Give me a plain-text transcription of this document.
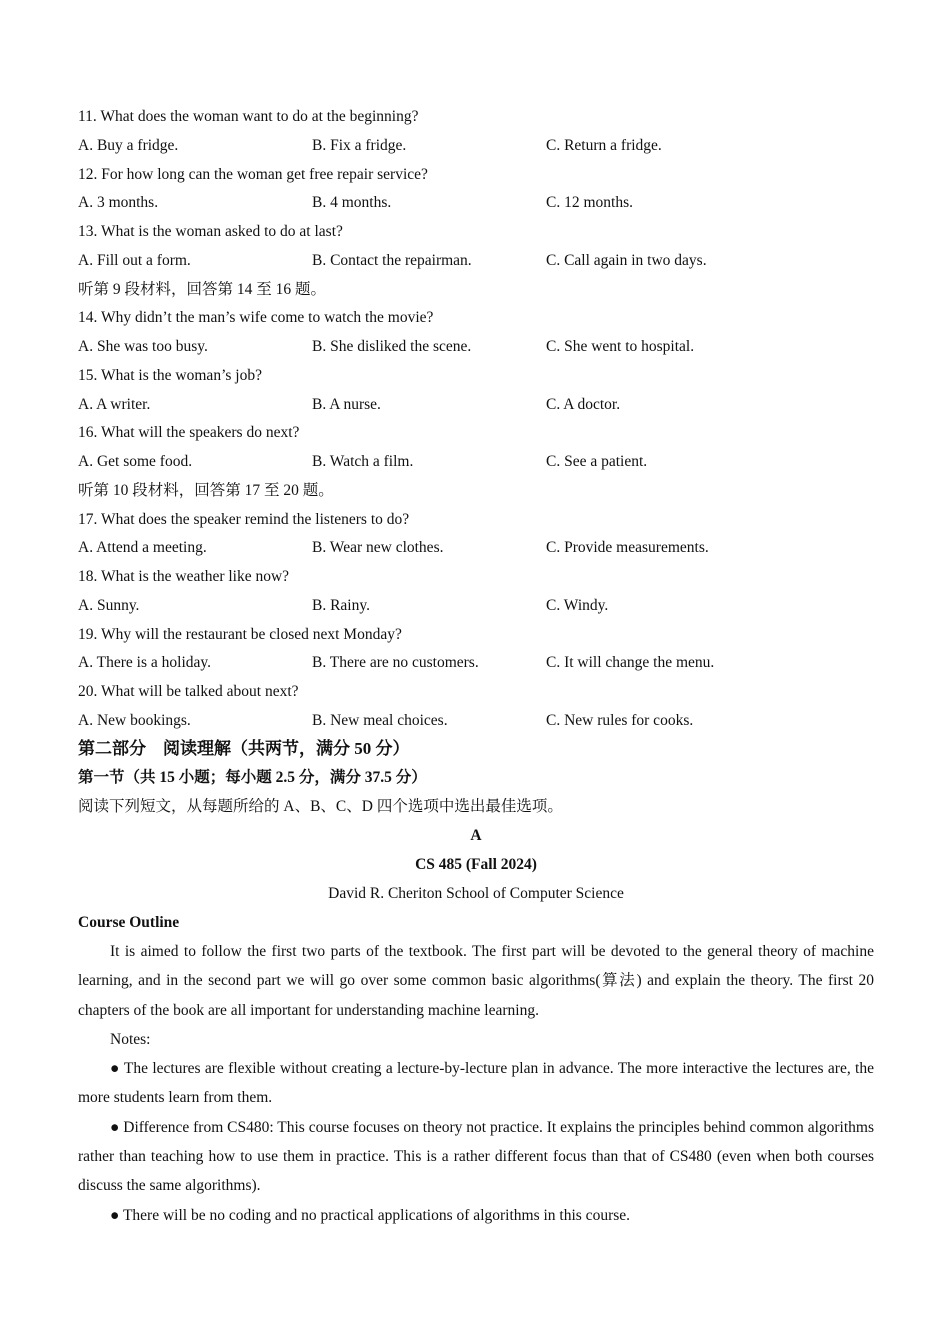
11. What does the woman want to do at the beginning?
A. Buy a fridge.	B. Fix a fridge.	C. Return a fridge.
12. For how long can the woman get free repair service?
A. 3 months.	B. 4 months.	C. 12 months.
13. What is the woman asked to do at last?
A. Fill out a form.	B. Contact the repairman.	C. Call again in two days.
听第 9 段材料，回答第 14 至 16 题。
14. Why didn’t the man’s wife come to watch the movie?
A. She was too busy.	B. She disliked the scene.	C. She went to hospital.
15. What is the woman’s job?
A. A writer.	B. A nurse.	C. A doctor.
16. What will the speakers do next?
A. Get some food.	B. Watch a film.	C. See a patient.
听第 10 段材料，回答第 17 至 20 题。
17. What does the speaker remind the listeners to do?
A. Attend a meeting.	B. Wear new clothes.	C. Provide measurements.
18. What is the weather like now?
A. Sunny.	B. Rainy.	C. Windy.
19. Why will the restaurant be closed next Monday?
A. There is a holiday.	B. There are no customers.	C. It will change the menu.
20. What will be talked about next?
A. New bookings.	B. New meal choices.	C. New rules for cooks.
第二部分　阅读理解（共两节，满分 50 分）
第一节（共 15 小题；每小题 2.5 分，满分 37.5 分）
阅读下列短文，从每题所给的 A、B、C、D 四个选项中选出最佳选项。
A
CS 485 (Fall 2024)
David R. Cheriton School of Computer Science
Course Outline

It is aimed to follow the first two parts of the textbook. The first part will be devoted to the general theory of machine learning, and in the second part we will go over some common basic algorithms(算法) and explain the theory. The first 20 chapters of the book are all important for understanding machine learning.

Notes:

● The lectures are flexible without creating a lecture-by-lecture plan in advance. The more interactive the lectures are, the more students learn from them.

● Difference from CS480: This course focuses on theory not practice. It explains the principles behind common algorithms rather than teaching how to use them in practice. This is a rather different focus than that of CS480 (even when both courses discuss the same algorithms).

● There will be no coding and no practical applications of algorithms in this course.
